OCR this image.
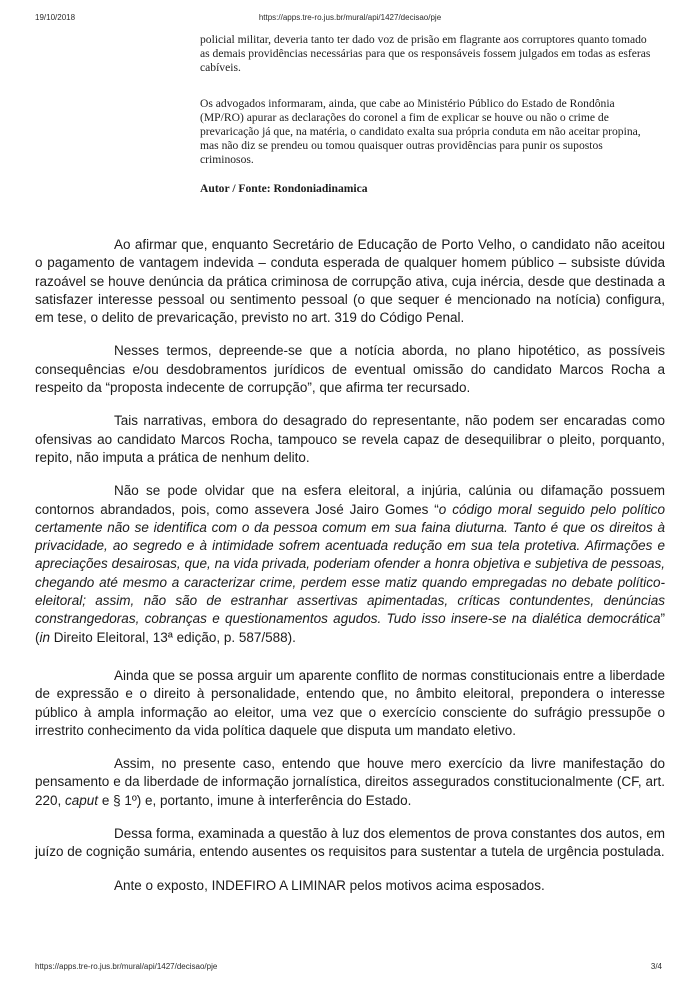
19/10/2018	https://apps.tre-ro.jus.br/mural/api/1427/decisao/pje

policial militar, deveria tanto ter dado voz de prisão em flagrante aos corruptores quanto tomado as demais providências necessárias para que os responsáveis fossem julgados em todas as esferas cabíveis.

Os advogados informaram, ainda, que cabe ao Ministério Público do Estado de Rondônia (MP/RO) apurar as declarações do coronel a fim de explicar se houve ou não o crime de prevaricação já que, na matéria, o candidato exalta sua própria conduta em não aceitar propina, mas não diz se prendeu ou tomou quaisquer outras providências para punir os supostos criminosos.

Autor / Fonte: Rondoniadinamica

Ao afirmar que, enquanto Secretário de Educação de Porto Velho, o candidato não aceitou o pagamento de vantagem indevida – conduta esperada de qualquer homem público – subsiste dúvida razoável se houve denúncia da prática criminosa de corrupção ativa, cuja inércia, desde que destinada a satisfazer interesse pessoal ou sentimento pessoal (o que sequer é mencionado na notícia) configura, em tese, o delito de prevaricação, previsto no art. 319 do Código Penal.

Nesses termos, depreende-se que a notícia aborda, no plano hipotético, as possíveis consequências e/ou desdobramentos jurídicos de eventual omissão do candidato Marcos Rocha a respeito da “proposta indecente de corrupção”, que afirma ter recursado.

Tais narrativas, embora do desagrado do representante, não podem ser encaradas como ofensivas ao candidato Marcos Rocha, tampouco se revela capaz de desequilibrar o pleito, porquanto, repito, não imputa a prática de nenhum delito.

Não se pode olvidar que na esfera eleitoral, a injúria, calúnia ou difamação possuem contornos abrandados, pois, como assevera José Jairo Gomes “o código moral seguido pelo político certamente não se identifica com o da pessoa comum em sua faina diuturna. Tanto é que os direitos à privacidade, ao segredo e à intimidade sofrem acentuada redução em sua tela protetiva. Afirmações e apreciações desairosas, que, na vida privada, poderiam ofender a honra objetiva e subjetiva de pessoas, chegando até mesmo a caracterizar crime, perdem esse matiz quando empregadas no debate político-eleitoral; assim, não são de estranhar assertivas apimentadas, críticas contundentes, denúncias constrangedoras, cobranças e questionamentos agudos. Tudo isso insere-se na dialética democrática” (in Direito Eleitoral, 13ª edição, p. 587/588).

Ainda que se possa arguir um aparente conflito de normas constitucionais entre a liberdade de expressão e o direito à personalidade, entendo que, no âmbito eleitoral, prepondera o interesse público à ampla informação ao eleitor, uma vez que o exercício consciente do sufrágio pressupõe o irrestrito conhecimento da vida política daquele que disputa um mandato eletivo.

Assim, no presente caso, entendo que houve mero exercício da livre manifestação do pensamento e da liberdade de informação jornalística, direitos assegurados constitucionalmente (CF, art. 220, caput e § 1º) e, portanto, imune à interferência do Estado.

Dessa forma, examinada a questão à luz dos elementos de prova constantes dos autos, em juízo de cognição sumária, entendo ausentes os requisitos para sustentar a tutela de urgência postulada.

Ante o exposto, INDEFIRO A LIMINAR pelos motivos acima esposados.

https://apps.tre-ro.jus.br/mural/api/1427/decisao/pje	3/4
